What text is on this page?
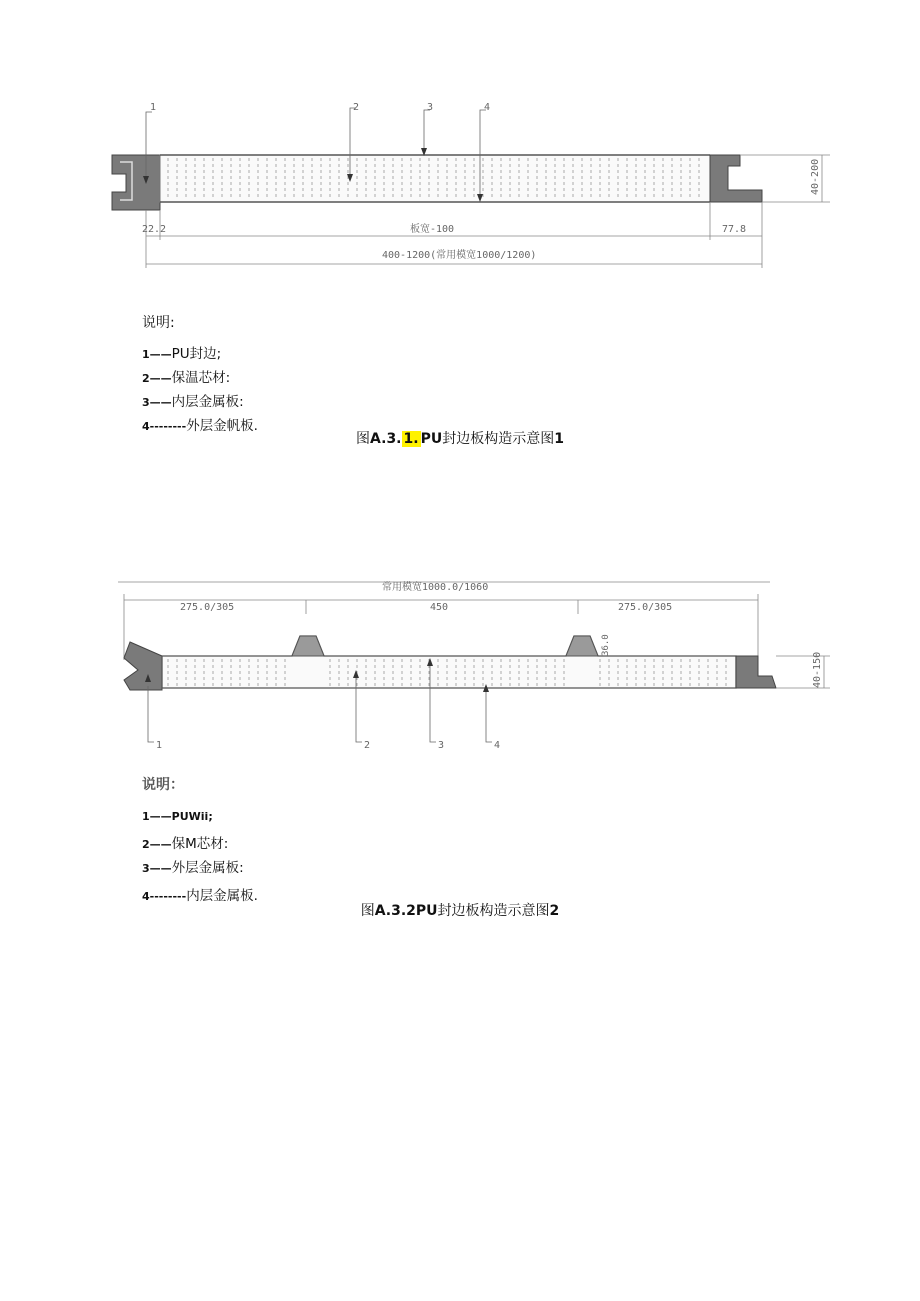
40-200
1	2	3	4
22.2	板宽-100	77.8
400-1200(常用模宽1000/1200)
说明:
1——PU封边;
2——保温芯材:
3——内层金属板:
4--------外层金帆板.
图A.3. 1. PU封边板构造示意图1
常用模宽1000.0/1060
275.0/305	450	275.0/305
36.0
40-150
1	2	3	4
说明：
1——PUWii;
2——保M芯材:
3——外层金属板:
4--------内层金属板.
图A.3.2PU封边板构造示意图2
